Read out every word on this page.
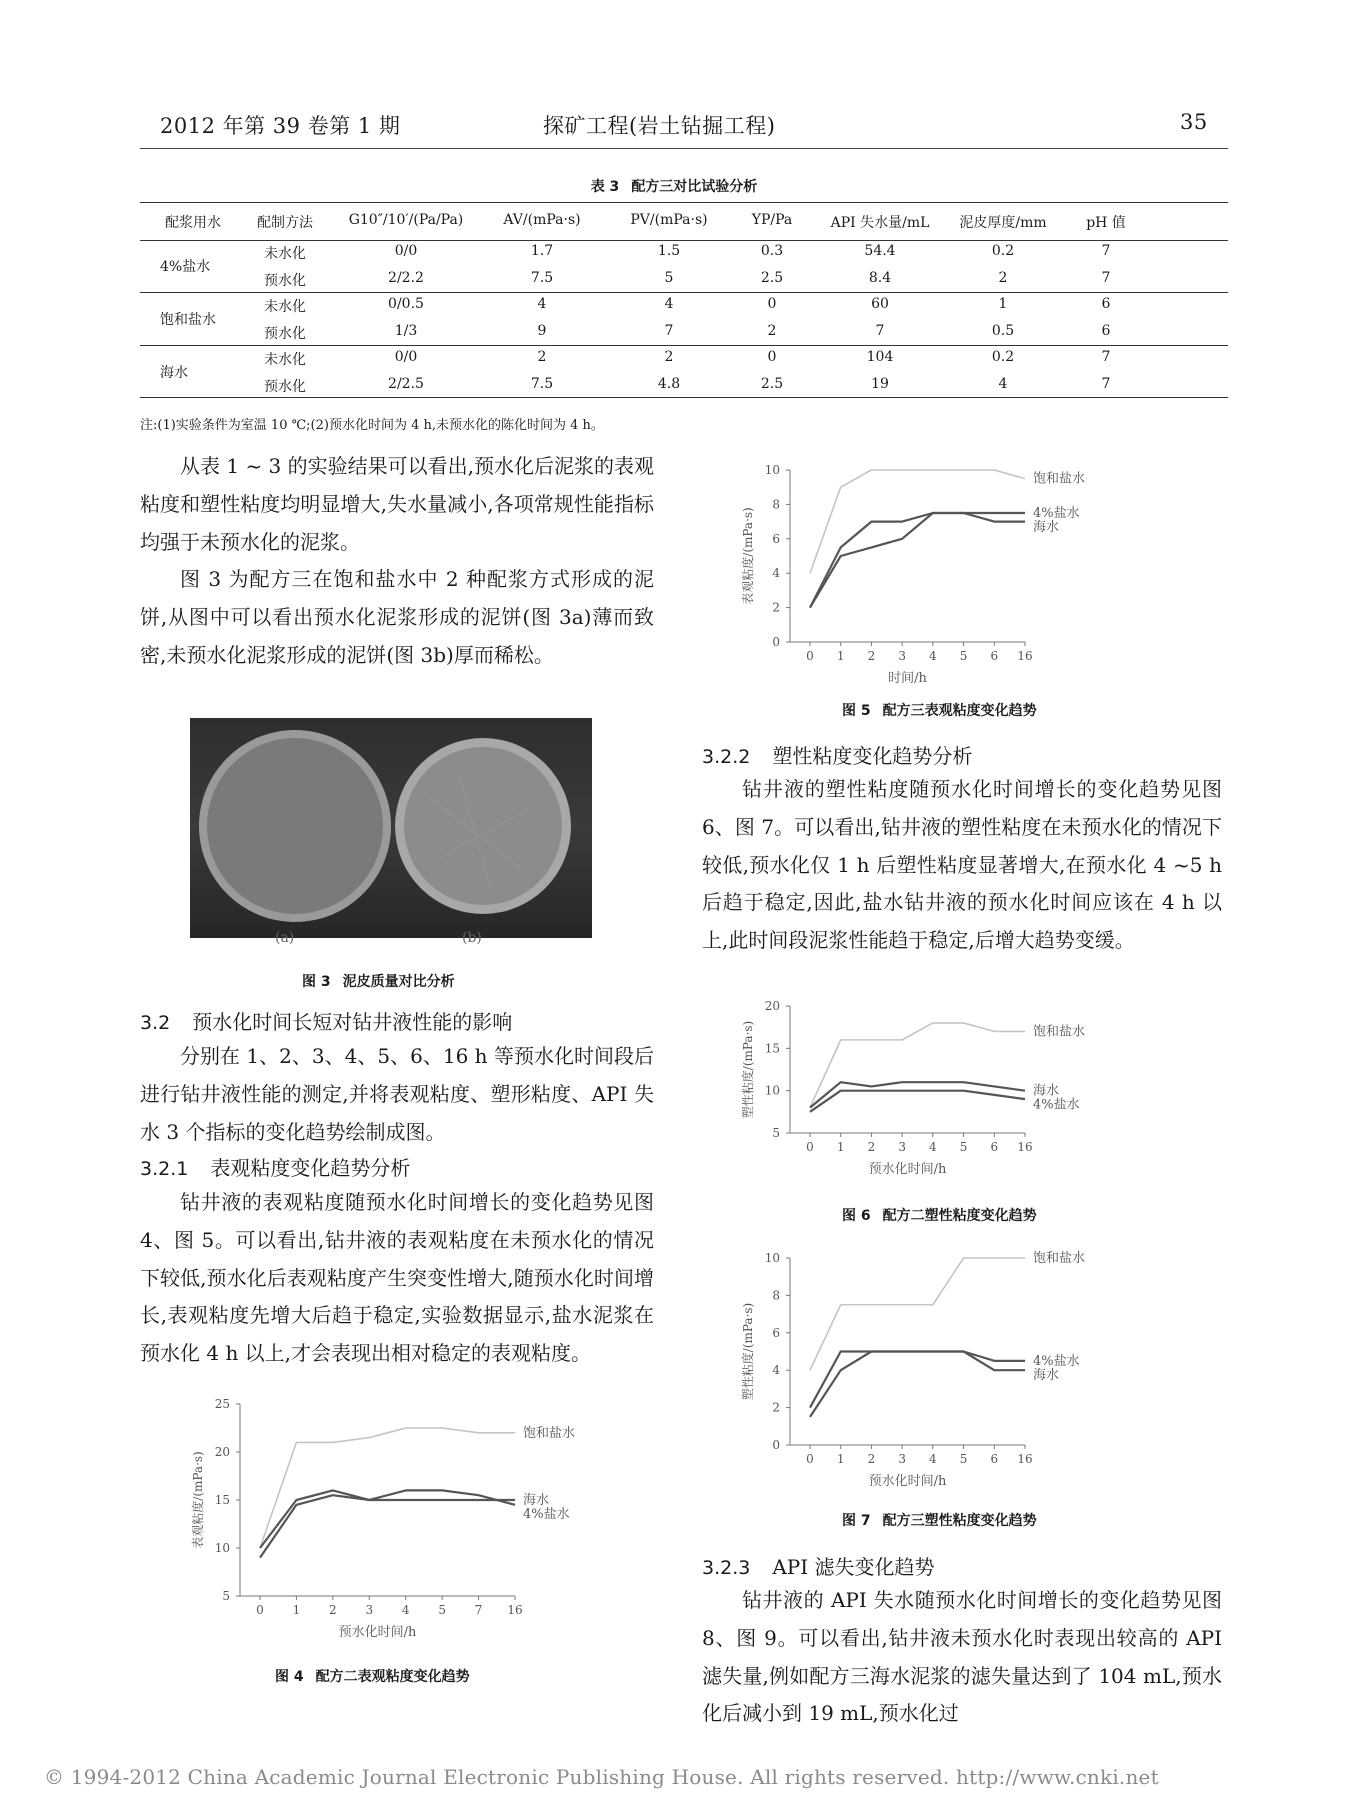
2012 年第 39 卷第 1 期	探矿工程(岩土钻掘工程)	35
表 3 配方三对比试验分析
配浆用水	配制方法	G10″/10′/(Pa/Pa)	AV/(mPa·s)	PV/(mPa·s)	YP/Pa	API 失水量/mL	泥皮厚度/mm	pH 值
4%盐水
未水化	0/0	1.7	1.5	0.3	54.4	0.2	7
预水化	2/2.2	7.5	5	2.5	8.4	2	7
饱和盐水
未水化	0/0.5	4	4	0	60	1	6
预水化	1/3	9	7	2	7	0.5	6
海水
未水化	0/0	2	2	0	104	0.2	7
预水化	2/2.5	7.5	4.8	2.5	19	4	7
注:(1)实验条件为室温 10 ℃;(2)预水化时间为 4 h,未预水化的陈化时间为 4 h。

从表 1 ~ 3 的实验结果可以看出,预水化后泥浆的表观粘度和塑性粘度均明显增大,失水量减小,各项常规性能指标均强于未预水化的泥浆。

图 3 为配方三在饱和盐水中 2 种配浆方式形成的泥饼,从图中可以看出预水化泥浆形成的泥饼(图 3a)薄而致密,未预水化泥浆形成的泥饼(图 3b)厚而稀松。

(a)	(b)
图 3 泥皮质量对比分析
3.2 预水化时间长短对钻井液性能的影响

分别在 1、2、3、4、5、6、16 h 等预水化时间段后进行钻井液性能的测定,并将表观粘度、塑形粘度、API 失水 3 个指标的变化趋势绘制成图。

3.2.1 表观粘度变化趋势分析

钻井液的表观粘度随预水化时间增长的变化趋势见图 4、图 5。可以看出,钻井液的表观粘度在未预水化的情况下较低,预水化后表观粘度产生突变性增大,随预水化时间增长,表观粘度先增大后趋于稳定,实验数据显示,盐水泥浆在预水化 4 h 以上,才会表现出相对稳定的表观粘度。

5
10
15
20
25
0 1 2 3 4 5 7 16
预水化时间/h
表观粘度/(mPa·s)
饱和盐水
4%盐水
海水
图 4 配方二表观粘度变化趋势
0
2
4
6
8
10
0 1 2 3 4 5 6 16
时间/h
表观粘度/(mPa·s)
饱和盐水
4%盐水
海水
图 5 配方三表观粘度变化趋势
3.2.2 塑性粘度变化趋势分析

钻井液的塑性粘度随预水化时间增长的变化趋势见图 6、图 7。可以看出,钻井液的塑性粘度在未预水化的情况下较低,预水化仅 1 h 后塑性粘度显著增大,在预水化 4 ~5 h 后趋于稳定,因此,盐水钻井液的预水化时间应该在 4 h 以上,此时间段泥浆性能趋于稳定,后增大趋势变缓。

5
10
15
20
0 1 2 3 4 5 6 16
预水化时间/h
塑性粘度/(mPa·s)	饱和盐水
海水
4%盐水
图 6 配方二塑性粘度变化趋势
0
2
4
6
8
10
0 1 2 3 4 5 6 16
预水化时间/h
塑性粘度/(mPa·s)
饱和盐水
4%盐水
海水
图 7 配方三塑性粘度变化趋势
3.2.3 API 滤失变化趋势

钻井液的 API 失水随预水化时间增长的变化趋势见图 8、图 9。可以看出,钻井液未预水化时表现出较高的 API 滤失量,例如配方三海水泥浆的滤失量达到了 104 mL,预水化后减小到 19 mL,预水化过

© 1994-2012 China Academic Journal Electronic Publishing House. All rights reserved. http://www.cnki.net
